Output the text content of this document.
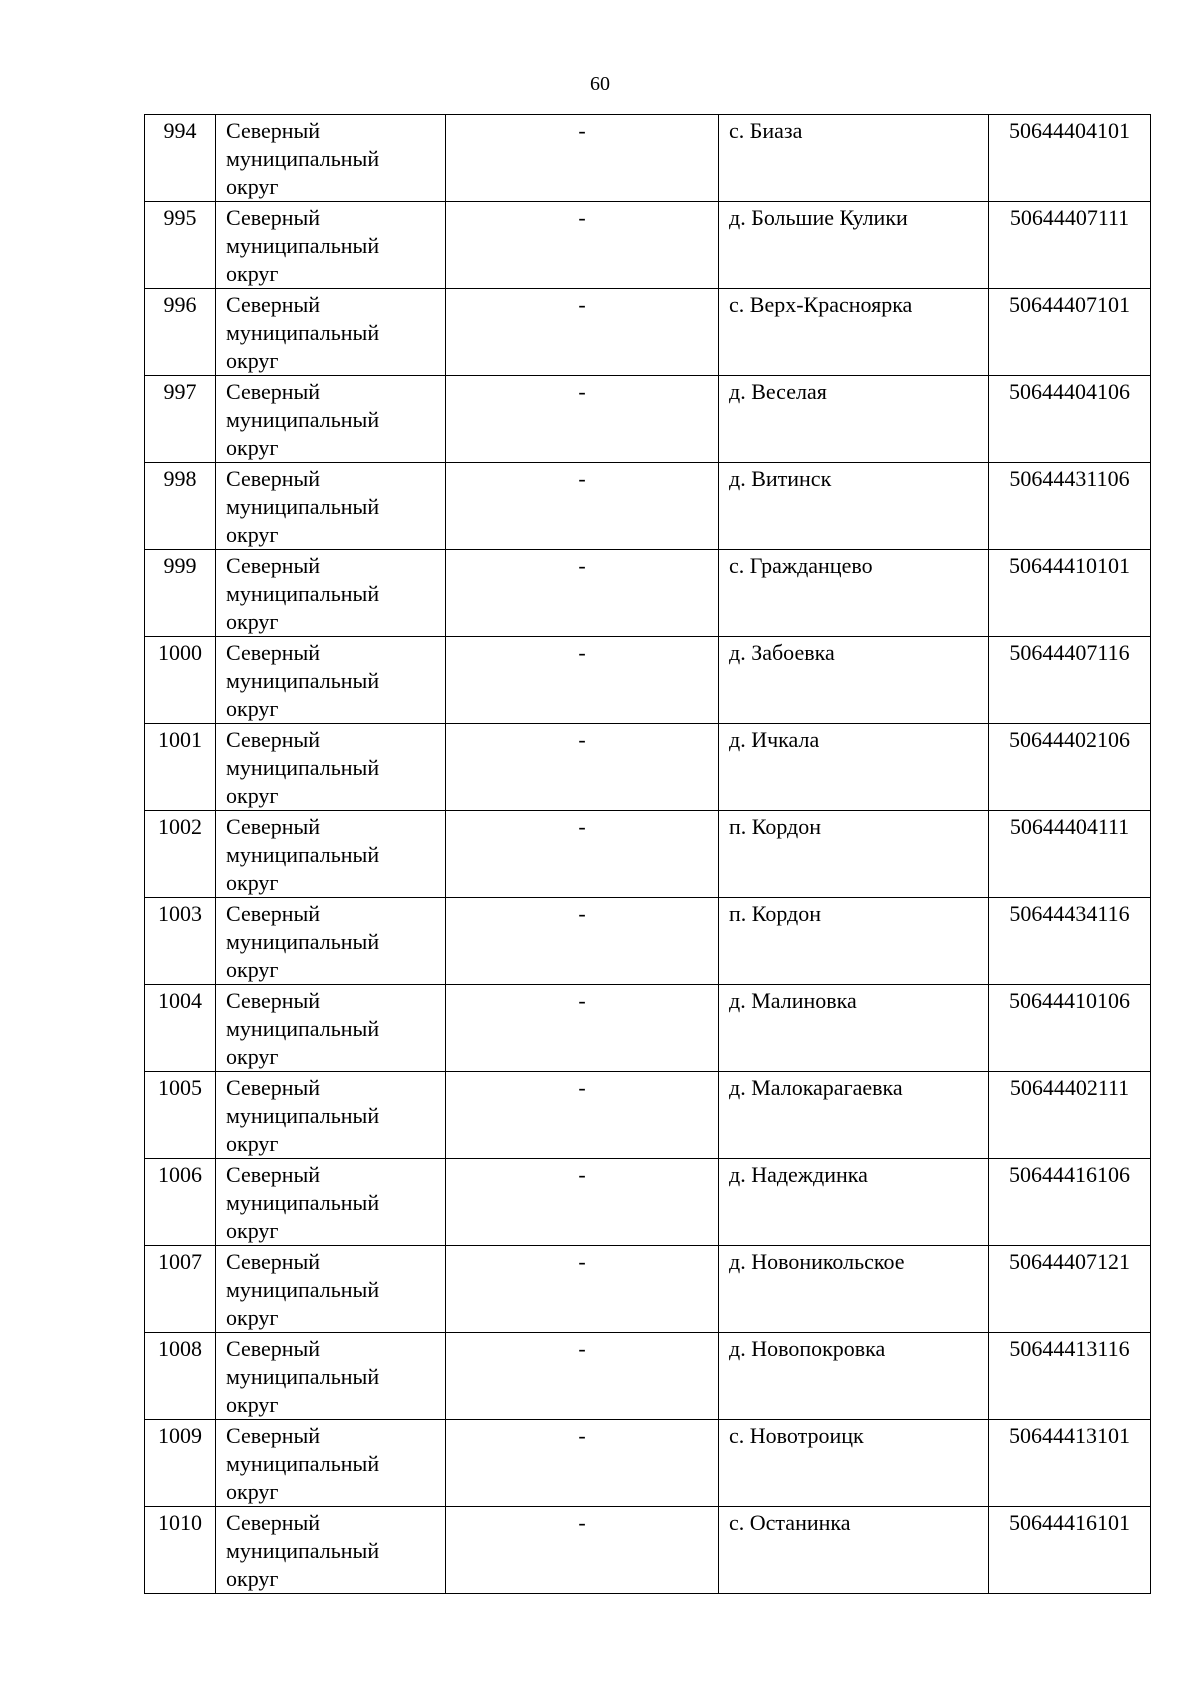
60
994	Северный
муниципальный
округ	-	с. Биаза	50644404101
995	Северный
муниципальный
округ	-	д. Большие Кулики	50644407111
996	Северный
муниципальный
округ	-	с. Верх-Красноярка	50644407101
997	Северный
муниципальный
округ	-	д. Веселая	50644404106
998	Северный
муниципальный
округ	-	д. Витинск	50644431106
999	Северный
муниципальный
округ	-	с. Гражданцево	50644410101
1000	Северный
муниципальный
округ	-	д. Забоевка	50644407116
1001	Северный
муниципальный
округ	-	д. Ичкала	50644402106
1002	Северный
муниципальный
округ	-	п. Кордон	50644404111
1003	Северный
муниципальный
округ	-	п. Кордон	50644434116
1004	Северный
муниципальный
округ	-	д. Малиновка	50644410106
1005	Северный
муниципальный
округ	-	д. Малокарагаевка	50644402111
1006	Северный
муниципальный
округ	-	д. Надеждинка	50644416106
1007	Северный
муниципальный
округ	-	д. Новоникольское	50644407121
1008	Северный
муниципальный
округ	-	д. Новопокровка	50644413116
1009	Северный
муниципальный
округ	-	с. Новотроицк	50644413101
1010	Северный
муниципальный
округ	-	с. Останинка	50644416101
